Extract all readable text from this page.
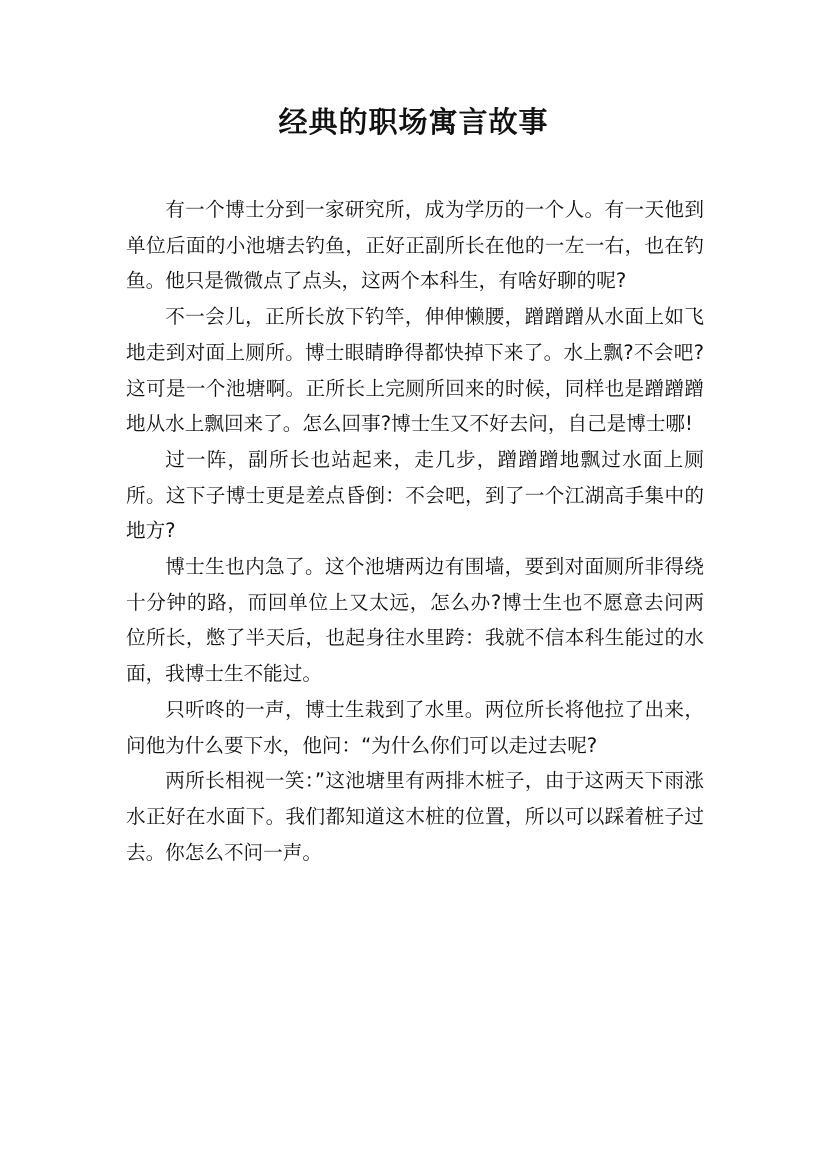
经典的职场寓言故事

有一个博士分到一家研究所，成为学历的一个人。有一天他到单位后面的小池塘去钓鱼，正好正副所长在他的一左一右，也在钓鱼。他只是微微点了点头，这两个本科生，有啥好聊的呢?

不一会儿，正所长放下钓竿，伸伸懒腰，蹭蹭蹭从水面上如飞地走到对面上厕所。博士眼睛睁得都快掉下来了。水上飘?不会吧?这可是一个池塘啊。正所长上完厕所回来的时候，同样也是蹭蹭蹭地从水上飘回来了。怎么回事?博士生又不好去问，自己是博士哪!

过一阵，副所长也站起来，走几步，蹭蹭蹭地飘过水面上厕所。这下子博士更是差点昏倒：不会吧，到了一个江湖高手集中的地方?

博士生也内急了。这个池塘两边有围墙，要到对面厕所非得绕十分钟的路，而回单位上又太远，怎么办?博士生也不愿意去问两位所长，憋了半天后，也起身往水里跨：我就不信本科生能过的水面，我博士生不能过。

只听咚的一声，博士生栽到了水里。两位所长将他拉了出来，问他为什么要下水，他问：“为什么你们可以走过去呢?

两所长相视一笑：”这池塘里有两排木桩子，由于这两天下雨涨水正好在水面下。我们都知道这木桩的位置，所以可以踩着桩子过去。你怎么不问一声。
